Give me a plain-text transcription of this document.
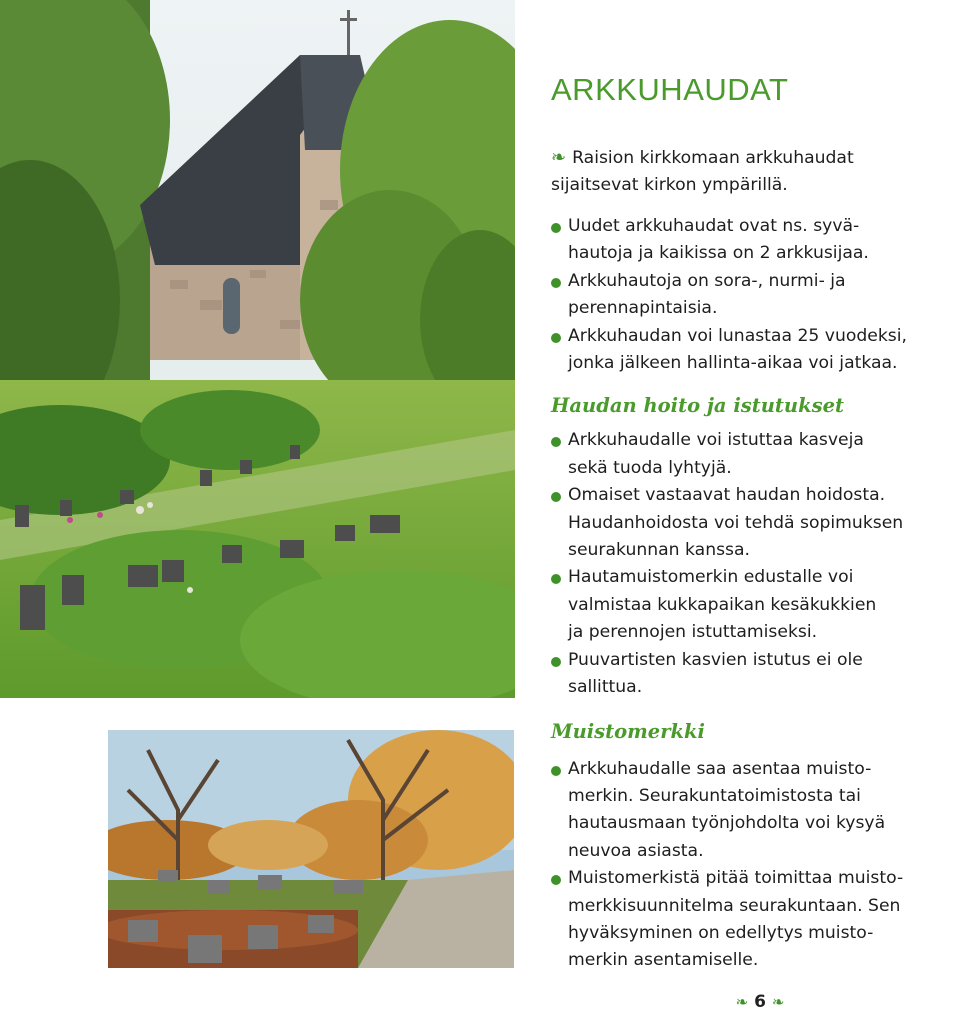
ARKKUHAUDAT

❧ Raision kirkkomaan arkkuhaudat
sijaitsevat kirkon ympärillä.

Uudet arkkuhaudat ovat ns. syvä-
hautoja ja kaikissa on 2 arkkusijaa.
Arkkuhautoja on sora-, nurmi- ja
perennapintaisia.
Arkkuhaudan voi lunastaa 25 vuodeksi,
jonka jälkeen hallinta-aikaa voi jatkaa.
Haudan hoito ja istutukset
Arkkuhaudalle voi istuttaa kasveja
sekä tuoda lyhtyjä.
Omaiset vastaavat haudan hoidosta.
Haudanhoidosta voi tehdä sopimuksen
seurakunnan kanssa.
Hautamuistomerkin edustalle voi
valmistaa kukkapaikan kesäkukkien
ja perennojen istuttamiseksi.
Puuvartisten kasvien istutus ei ole
sallittua.
Muistomerkki
Arkkuhaudalle saa asentaa muisto-
merkin. Seurakuntatoimistosta tai
hautausmaan työnjohdolta voi kysyä
neuvoa asiasta.
Muistomerkistä pitää toimittaa muisto-
merkkisuunnitelma seurakuntaan. Sen
hyväksyminen on edellytys muisto-
merkin asentamiselle.
❧ 6 ❧
